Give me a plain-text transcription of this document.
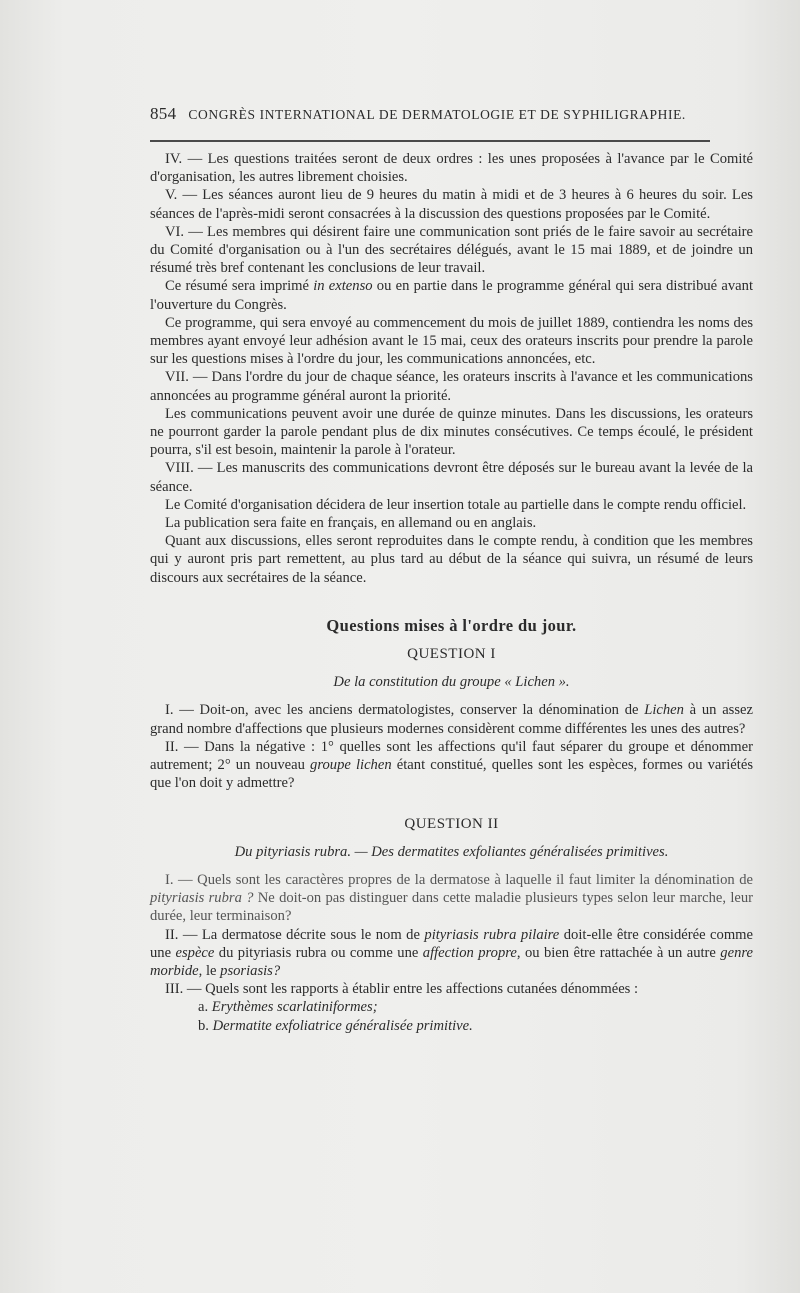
854 CONGRÈS INTERNATIONAL DE DERMATOLOGIE ET DE SYPHILIGRAPHIE.

IV. — Les questions traitées seront de deux ordres : les unes proposées à l'avance par le Comité d'organisation, les autres librement choisies.

V. — Les séances auront lieu de 9 heures du matin à midi et de 3 heures à 6 heures du soir. Les séances de l'après-midi seront consacrées à la discussion des questions proposées par le Comité.

VI. — Les membres qui désirent faire une communication sont priés de le faire savoir au secrétaire du Comité d'organisation ou à l'un des secrétaires délégués, avant le 15 mai 1889, et de joindre un résumé très bref contenant les conclusions de leur travail.

Ce résumé sera imprimé in extenso ou en partie dans le programme général qui sera distribué avant l'ouverture du Congrès.

Ce programme, qui sera envoyé au commencement du mois de juillet 1889, contiendra les noms des membres ayant envoyé leur adhésion avant le 15 mai, ceux des orateurs inscrits pour prendre la parole sur les questions mises à l'ordre du jour, les communications annoncées, etc.

VII. — Dans l'ordre du jour de chaque séance, les orateurs inscrits à l'avance et les communications annoncées au programme général auront la priorité.

Les communications peuvent avoir une durée de quinze minutes. Dans les discussions, les orateurs ne pourront garder la parole pendant plus de dix minutes consécutives. Ce temps écoulé, le président pourra, s'il est besoin, maintenir la parole à l'orateur.

VIII. — Les manuscrits des communications devront être déposés sur le bureau avant la levée de la séance.

Le Comité d'organisation décidera de leur insertion totale au partielle dans le compte rendu officiel.

La publication sera faite en français, en allemand ou en anglais.

Quant aux discussions, elles seront reproduites dans le compte rendu, à condition que les membres qui y auront pris part remettent, au plus tard au début de la séance qui suivra, un résumé de leurs discours aux secrétaires de la séance.

Questions mises à l'ordre du jour.

QUESTION I

De la constitution du groupe « Lichen ».

I. — Doit-on, avec les anciens dermatologistes, conserver la dénomination de Lichen à un assez grand nombre d'affections que plusieurs modernes considèrent comme différentes les unes des autres?

II. — Dans la négative : 1° quelles sont les affections qu'il faut séparer du groupe et dénommer autrement; 2° un nouveau groupe lichen étant constitué, quelles sont les espèces, formes ou variétés que l'on doit y admettre?

QUESTION II

Du pityriasis rubra. — Des dermatites exfoliantes généralisées primitives.

I. — Quels sont les caractères propres de la dermatose à laquelle il faut limiter la dénomination de pityriasis rubra ? Ne doit-on pas distinguer dans cette maladie plusieurs types selon leur marche, leur durée, leur terminaison?

II. — La dermatose décrite sous le nom de pityriasis rubra pilaire doit-elle être considérée comme une espèce du pityriasis rubra ou comme une affection propre, ou bien être rattachée à un autre genre morbide, le psoriasis?

III. — Quels sont les rapports à établir entre les affections cutanées dénommées :

a. Erythèmes scarlatiniformes;

b. Dermatite exfoliatrice généralisée primitive.
